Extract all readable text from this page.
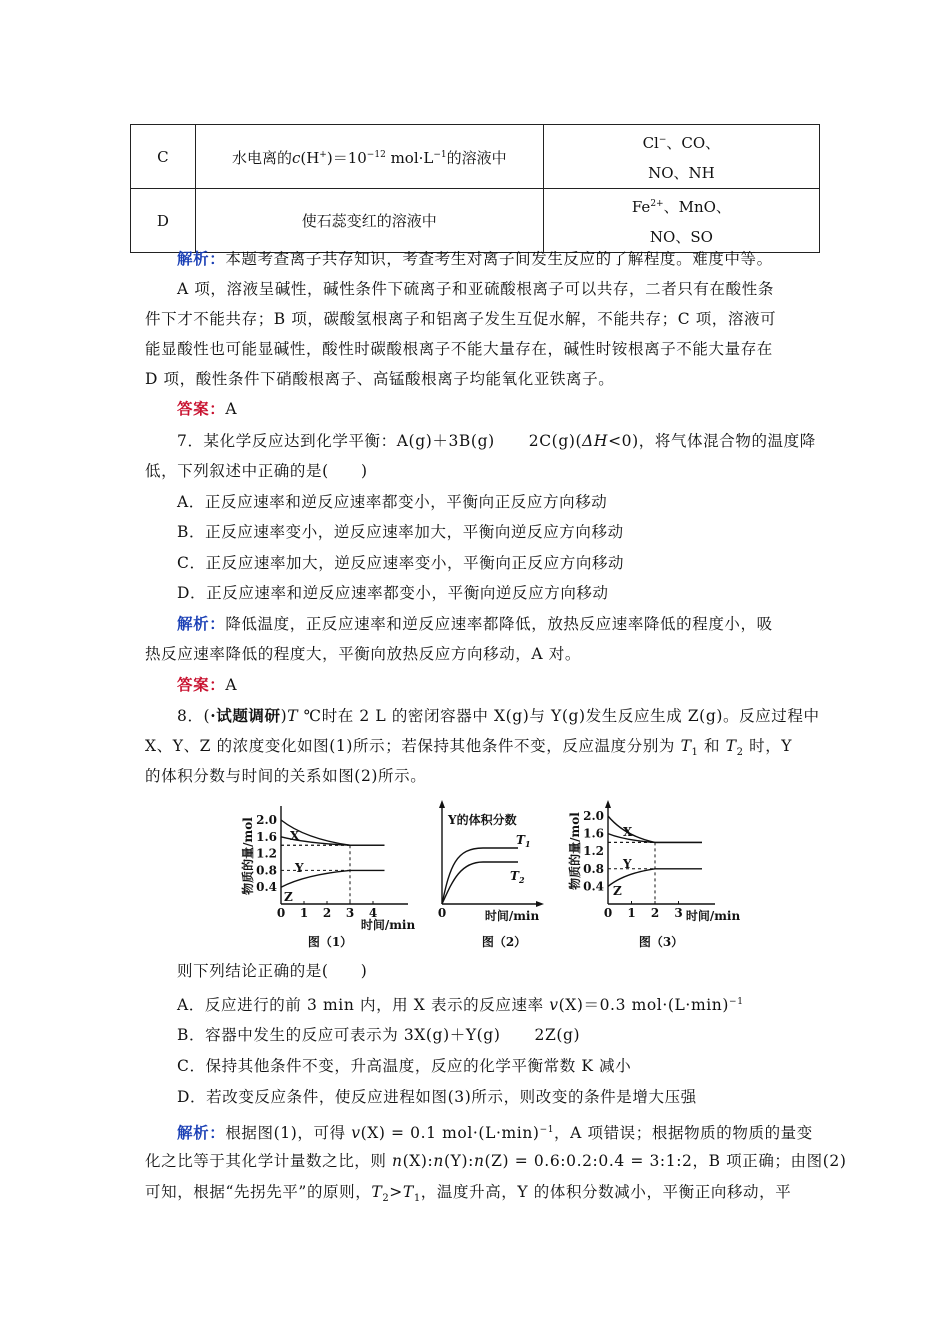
C	水电离的$c(H^+)=10^{-12}$ $mol\cdot L^{-1}$的溶液中	Cl−、CO、
NO、NH

D	使石蕊变红的溶液中	$Fe^{2+}$、MnO、
NO、SO
解析：本题考查离子共存知识，考查考生对离子间发生反应的了解程度。难度中等。
A 项，溶液呈碱性，碱性条件下硫离子和亚硫酸根离子可以共存，二者只有在酸性条
件下才不能共存；B 项，碳酸氢根离子和铝离子发生互促水解，不能共存；C 项，溶液可
能显酸性也可能显碱性，酸性时碳酸根离子不能大量存在，碱性时铵根离子不能大量存在
D 项，酸性条件下硝酸根离子、高锰酸根离子均能氧化亚铁离子。
答案：A
7．某化学反应达到化学平衡：A(g)＋3B(g) 2C(g)(ΔH<0)，将气体混合物的温度降
低，下列叙述中正确的是(　　)
A．正反应速率和逆反应速率都变小，平衡向正反应方向移动
B．正反应速率变小，逆反应速率加大，平衡向逆反应方向移动
C．正反应速率加大，逆反应速率变小，平衡向正反应方向移动
D．正反应速率和逆反应速率都变小，平衡向逆反应方向移动
解析：降低温度，正反应速率和逆反应速率都降低，放热反应速率降低的程度小，吸
热反应速率降低的程度大，平衡向放热反应方向移动，A 对。
答案：A
8．(·试题调研)T ℃时在 2 L 的密闭容器中 X(g)与 Y(g)发生反应生成 Z(g)。反应过程中
X、Y、Z 的浓度变化如图(1)所示；若保持其他条件不变，反应温度分别为 $T_1$ 和 $T_2$ 时，Y
的体积分数与时间的关系如图(2)所示。
物质的量/mol 2.0
1.6
1.2
0.8
0.4
0 1 2 3 4
X
Y
Z
时间/min
图（1）
Y的体积分数
$T_1$
$T_2$
0	时间/min
图（2）
物质的量/mol 2.0
1.6
1.2
0.8
0.4
0 1 2 3
X
Y
Z
时间/min
图（3）
则下列结论正确的是(　　)
A．反应进行的前 3 min 内，用 X 表示的反应速率 v(X)＝0.3 $mol\cdot(L\cdot\min)^{-1}$
B．容器中发生的反应可表示为 3X(g)＋Y(g) 2Z(g)
C．保持其他条件不变，升高温度，反应的化学平衡常数 K 减小
D．若改变反应条件，使反应进程如图(3)所示，则改变的条件是增大压强
解析：根据图(1)，可得 v(X) = 0.1 $mol\cdot(L\cdot\min)^{-1}$，A 项错误；根据物质的物质的量变
化之比等于其化学计量数之比，则 n(X):n(Y):n(Z) = 0.6:0.2:0.4 = 3:1:2，B 项正确；由图(2)
可知，根据“先拐先平”的原则，$T_2>T_1$，温度升高，Y 的体积分数减小，平衡正向移动，平
